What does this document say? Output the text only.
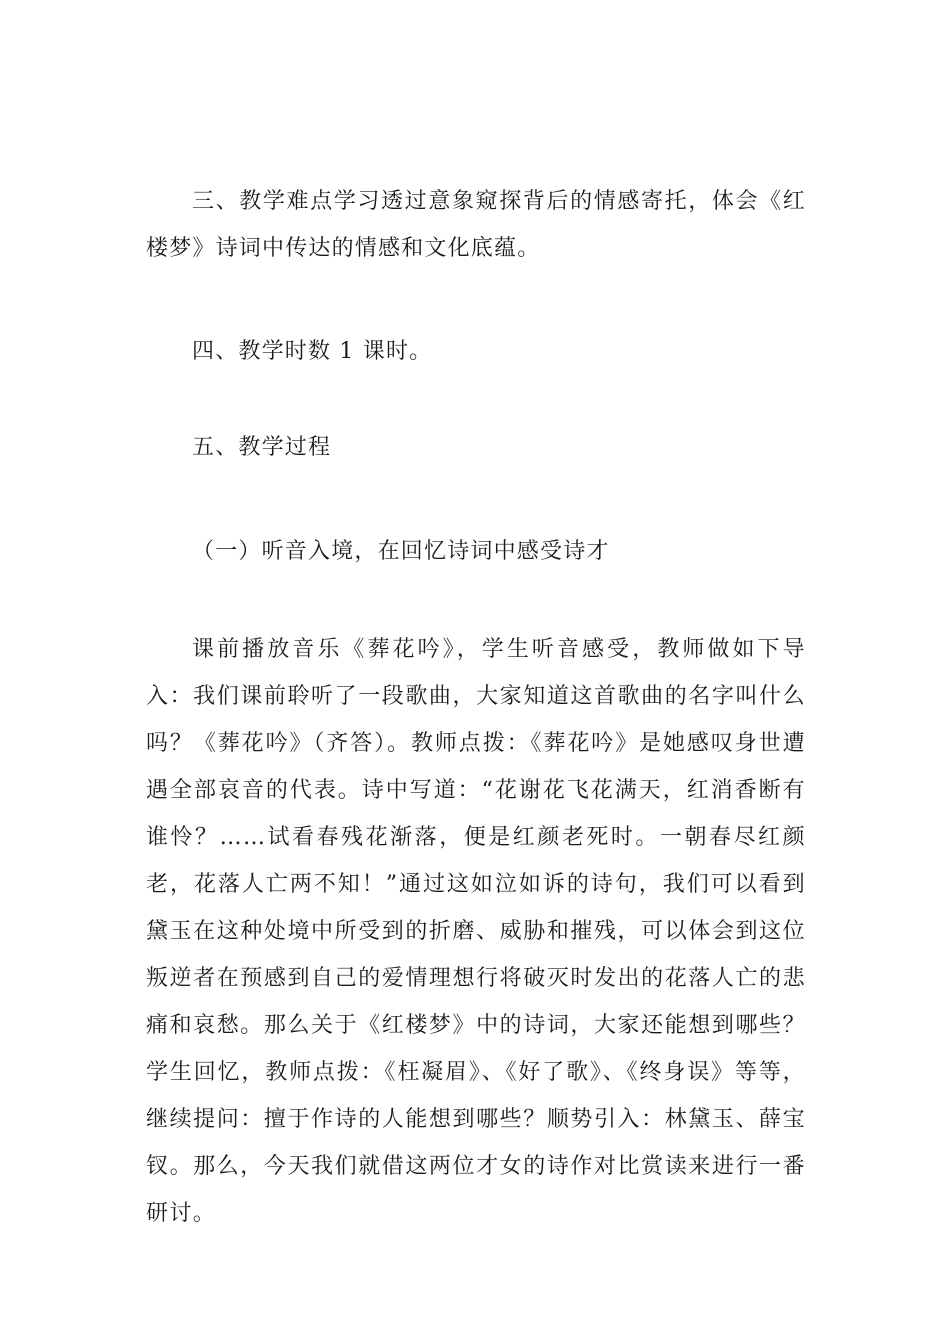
三、教学难点学习透过意象窥探背后的情感寄托，体会《红楼梦》诗词中传达的情感和文化底蕴。

四、教学时数 1 课时。

五、教学过程

（一）听音入境，在回忆诗词中感受诗才

课前播放音乐《葬花吟》，学生听音感受，教师做如下导入：我们课前聆听了一段歌曲，大家知道这首歌曲的名字叫什么吗？《葬花吟》（齐答）。教师点拨：《葬花吟》是她感叹身世遭遇全部哀音的代表。诗中写道：“花谢花飞花满天，红消香断有谁怜？……试看春残花渐落，便是红颜老死时。一朝春尽红颜老，花落人亡两不知！”通过这如泣如诉的诗句，我们可以看到黛玉在这种处境中所受到的折磨、威胁和摧残，可以体会到这位叛逆者在预感到自己的爱情理想行将破灭时发出的花落人亡的悲痛和哀愁。那么关于《红楼梦》中的诗词，大家还能想到哪些？学生回忆，教师点拨：《枉凝眉》、《好了歌》、《终身误》等等，继续提问：擅于作诗的人能想到哪些？顺势引入：林黛玉、薛宝钗。那么，今天我们就借这两位才女的诗作对比赏读来进行一番研讨。
